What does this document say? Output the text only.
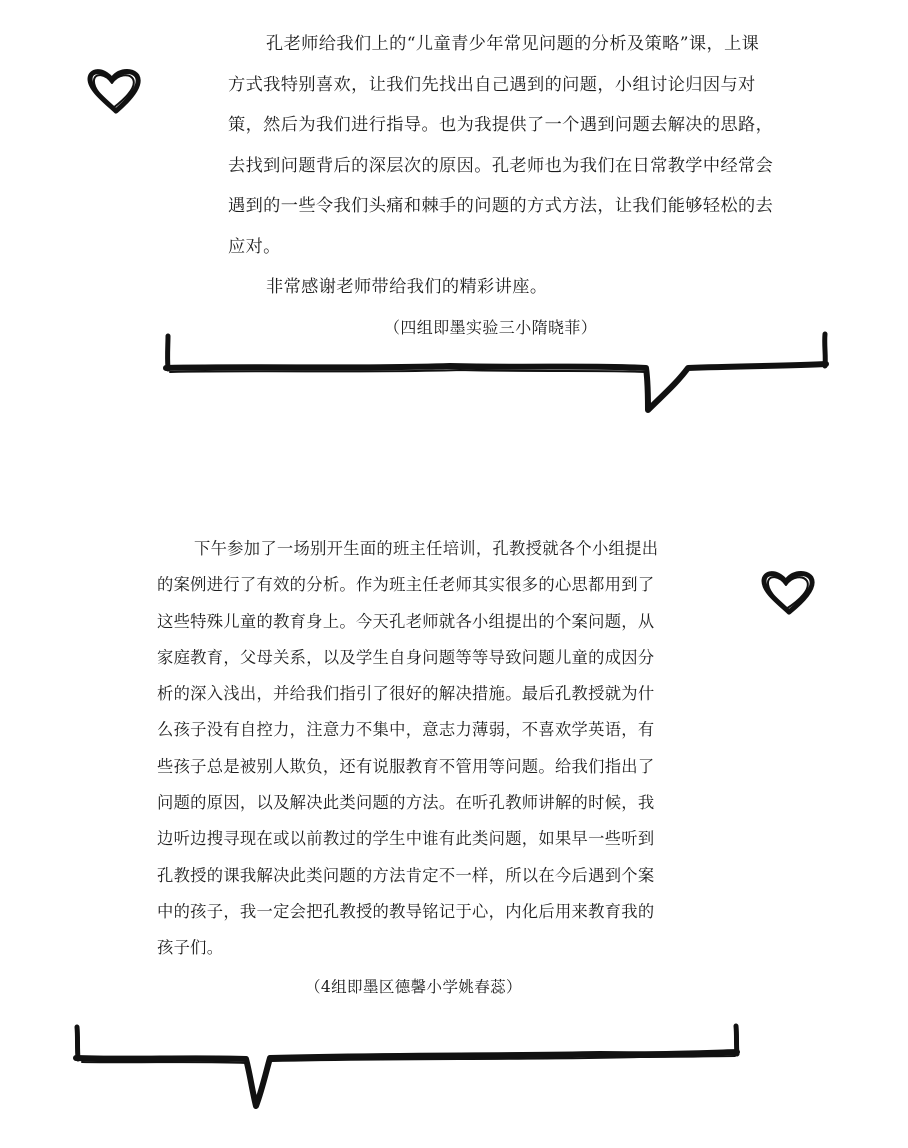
孔老师给我们上的“儿童青少年常见问题的分析及策略”课，上课方式我特别喜欢，让我们先找出自己遇到的问题，小组讨论归因与对策，然后为我们进行指导。也为我提供了一个遇到问题去解决的思路，去找到问题背后的深层次的原因。孔老师也为我们在日常教学中经常会遇到的一些令我们头痛和棘手的问题的方式方法，让我们能够轻松的去应对。

非常感谢老师带给我们的精彩讲座。

（四组即墨实验三小隋晓菲）

下午参加了一场别开生面的班主任培训，孔教授就各个小组提出的案例进行了有效的分析。作为班主任老师其实很多的心思都用到了这些特殊儿童的教育身上。今天孔老师就各小组提出的个案问题，从家庭教育，父母关系，以及学生自身问题等等导致问题儿童的成因分析的深入浅出，并给我们指引了很好的解决措施。最后孔教授就为什么孩子没有自控力，注意力不集中，意志力薄弱，不喜欢学英语，有些孩子总是被别人欺负，还有说服教育不管用等问题。给我们指出了问题的原因，以及解决此类问题的方法。在听孔教师讲解的时候，我边听边搜寻现在或以前教过的学生中谁有此类问题，如果早一些听到孔教授的课我解决此类问题的方法肯定不一样，所以在今后遇到个案中的孩子，我一定会把孔教授的教导铭记于心，内化后用来教育我的孩子们。

（4组即墨区德馨小学姚春蕊）
